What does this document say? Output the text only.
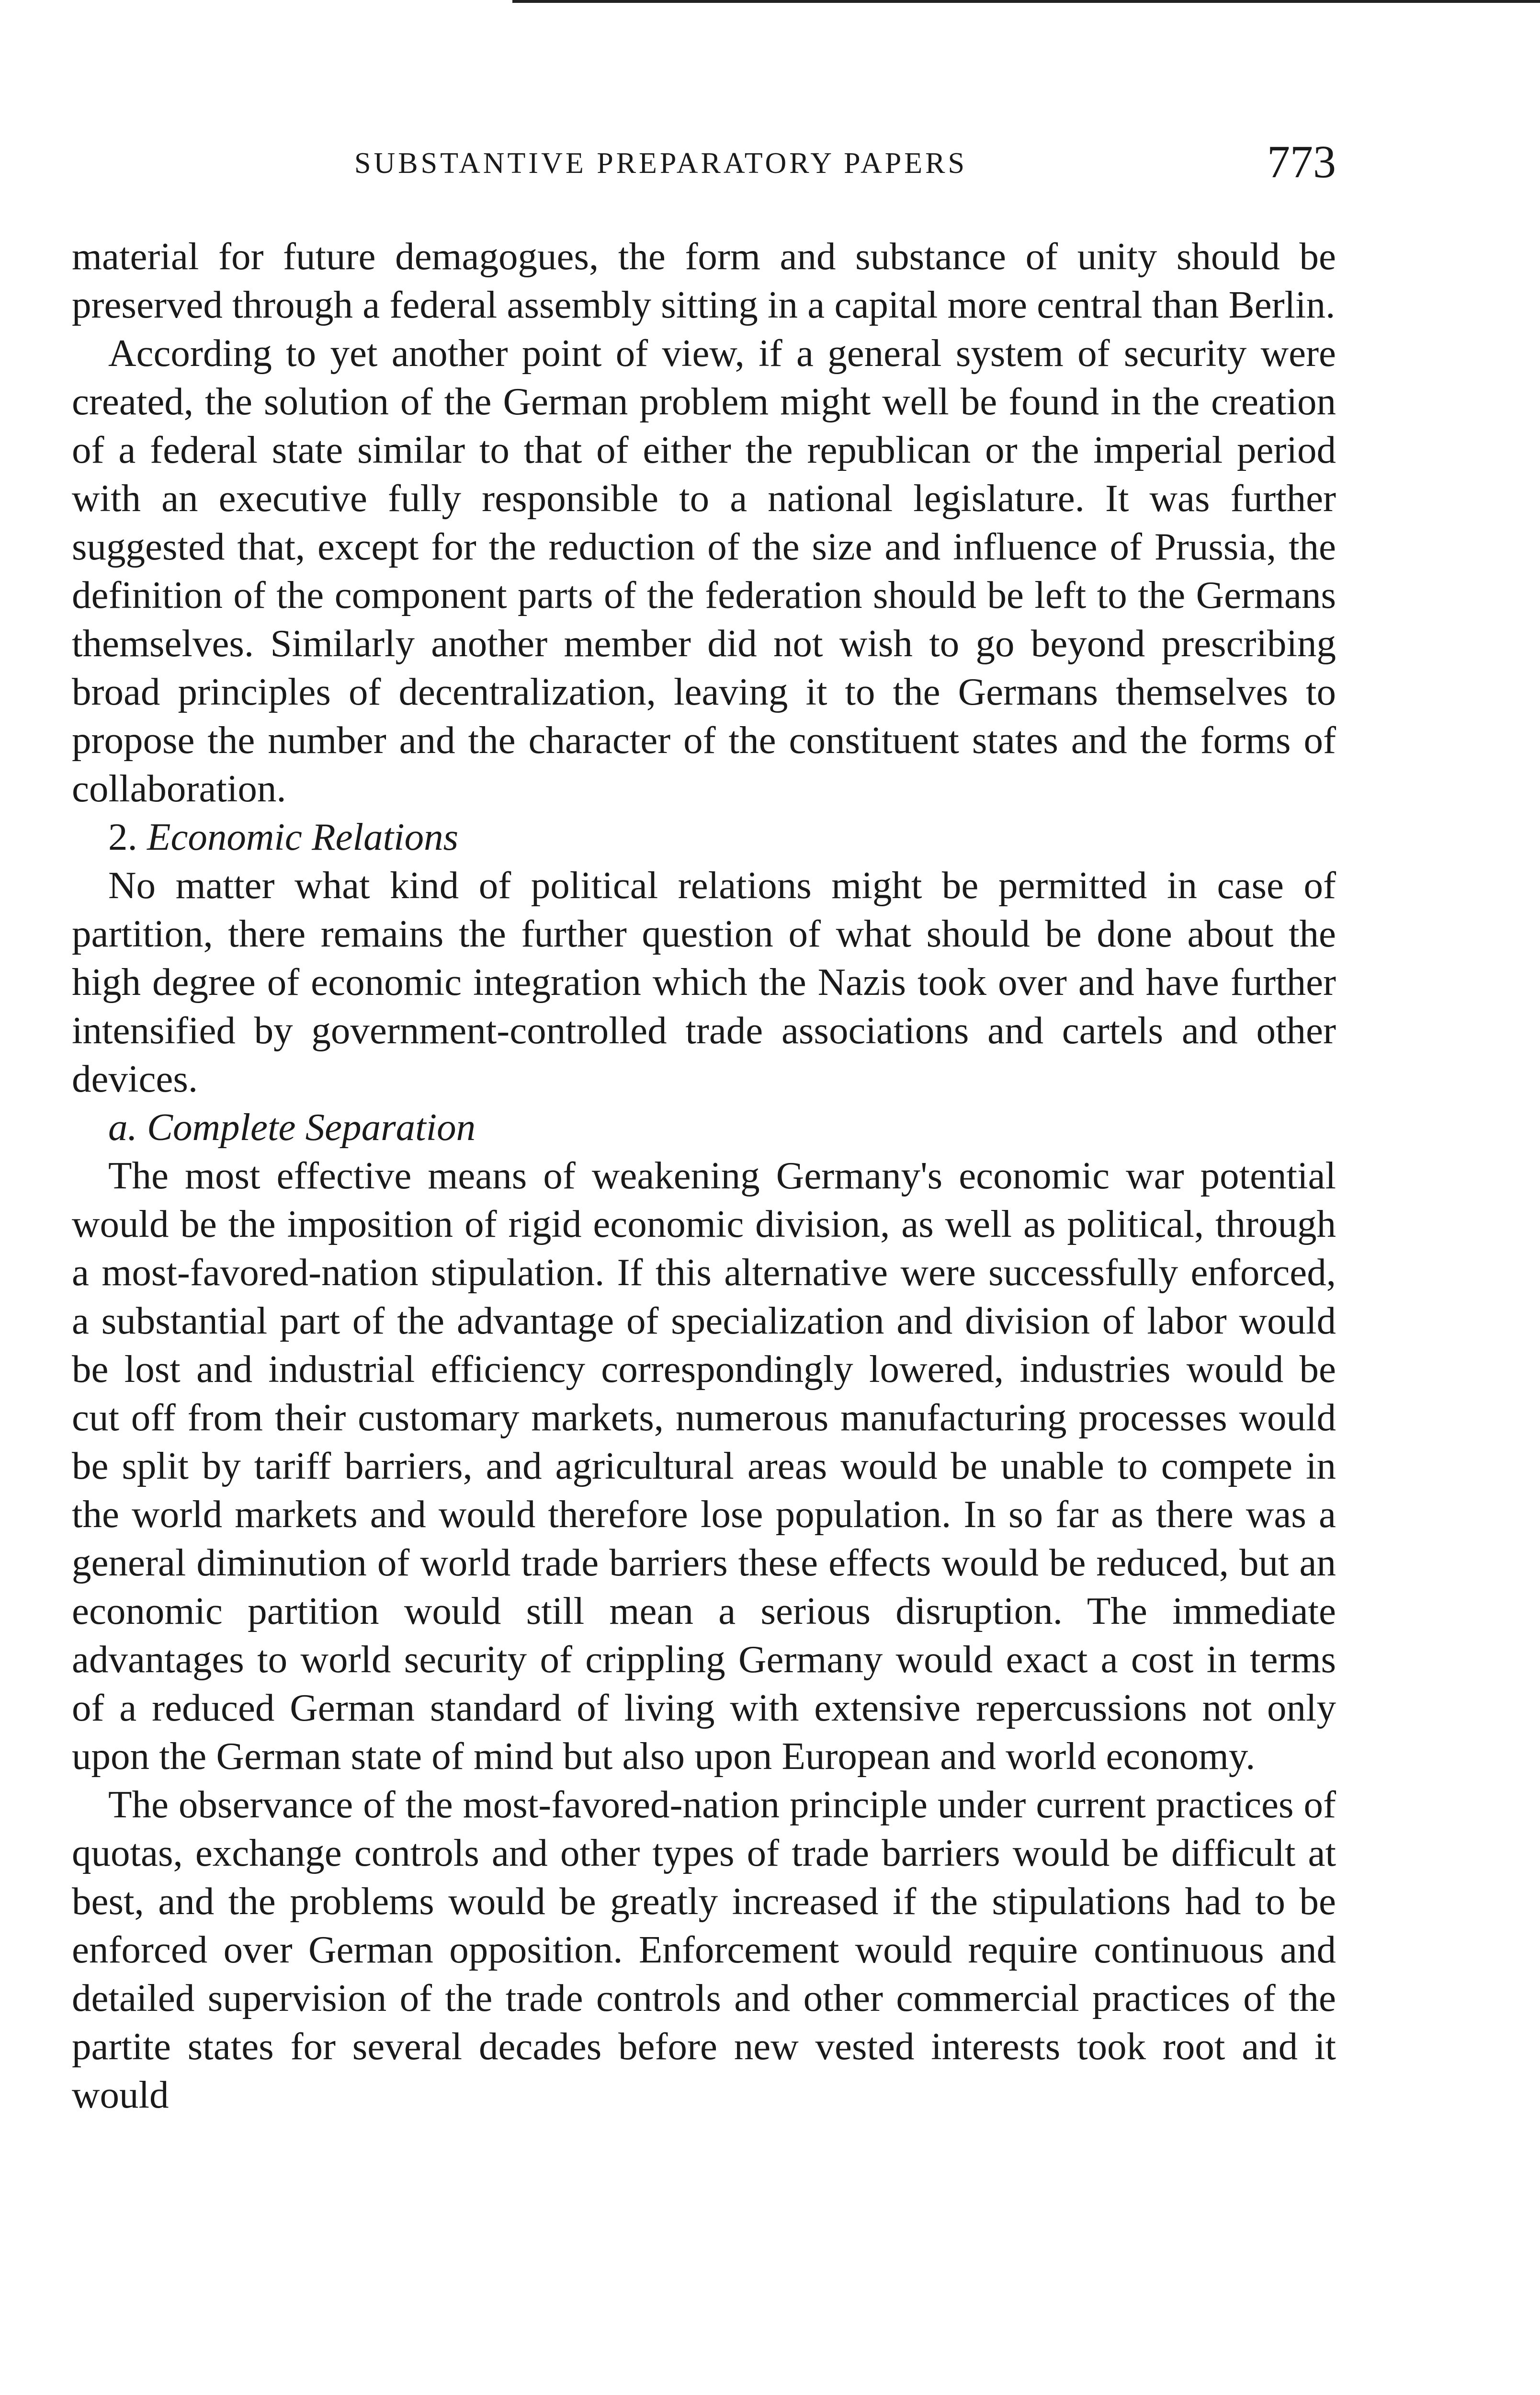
SUBSTANTIVE PREPARATORY PAPERS	773

material for future demagogues, the form and substance of unity should be preserved through a federal assembly sitting in a capital more central than Berlin.

According to yet another point of view, if a general system of security were created, the solution of the German problem might well be found in the creation of a federal state similar to that of either the republican or the imperial period with an executive fully responsible to a national legislature. It was further suggested that, except for the reduction of the size and influence of Prussia, the definition of the component parts of the federation should be left to the Germans themselves. Similarly another member did not wish to go beyond prescribing broad principles of decentralization, leaving it to the Germans themselves to propose the number and the character of the constituent states and the forms of collaboration.

2. Economic Relations

No matter what kind of political relations might be permitted in case of partition, there remains the further question of what should be done about the high degree of economic integration which the Nazis took over and have further intensified by government-controlled trade associations and cartels and other devices.

a. Complete Separation

The most effective means of weakening Germany's economic war potential would be the imposition of rigid economic division, as well as political, through a most-favored-nation stipulation. If this alternative were successfully enforced, a substantial part of the advantage of specialization and division of labor would be lost and industrial efficiency correspondingly lowered, industries would be cut off from their customary markets, numerous manufacturing processes would be split by tariff barriers, and agricultural areas would be unable to compete in the world markets and would therefore lose population. In so far as there was a general diminution of world trade barriers these effects would be reduced, but an economic partition would still mean a serious disruption. The immediate advantages to world security of crippling Germany would exact a cost in terms of a reduced German standard of living with extensive repercussions not only upon the German state of mind but also upon European and world economy.

The observance of the most-favored-nation principle under current practices of quotas, exchange controls and other types of trade barriers would be difficult at best, and the problems would be greatly increased if the stipulations had to be enforced over German opposition. Enforcement would require continuous and detailed supervision of the trade controls and other commercial practices of the partite states for several decades before new vested interests took root and it would
